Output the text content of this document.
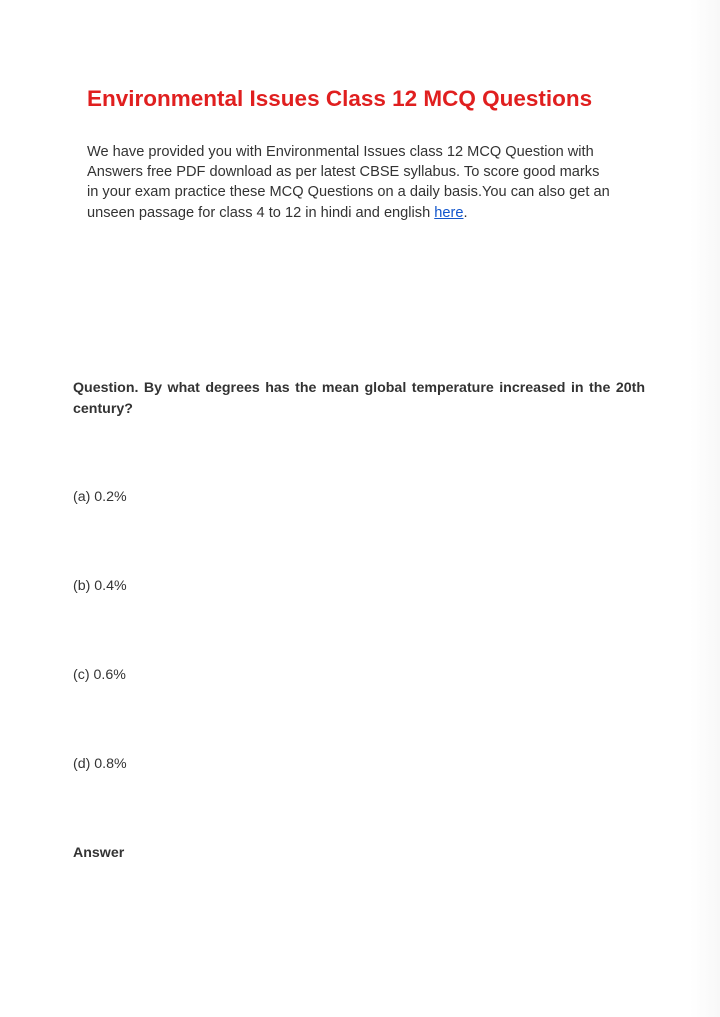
Environmental Issues Class 12 MCQ Questions

We have provided you with Environmental Issues class 12 MCQ Question with
Answers free PDF download as per latest CBSE syllabus. To score good marks
in your exam practice these MCQ Questions on a daily basis.You can also get an
unseen passage for class 4 to 12 in hindi and english here.

Question. By what degrees has the mean global temperature increased in the 20th century?

(a) 0.2%

(b) 0.4%

(c) 0.6%

(d) 0.8%

Answer
